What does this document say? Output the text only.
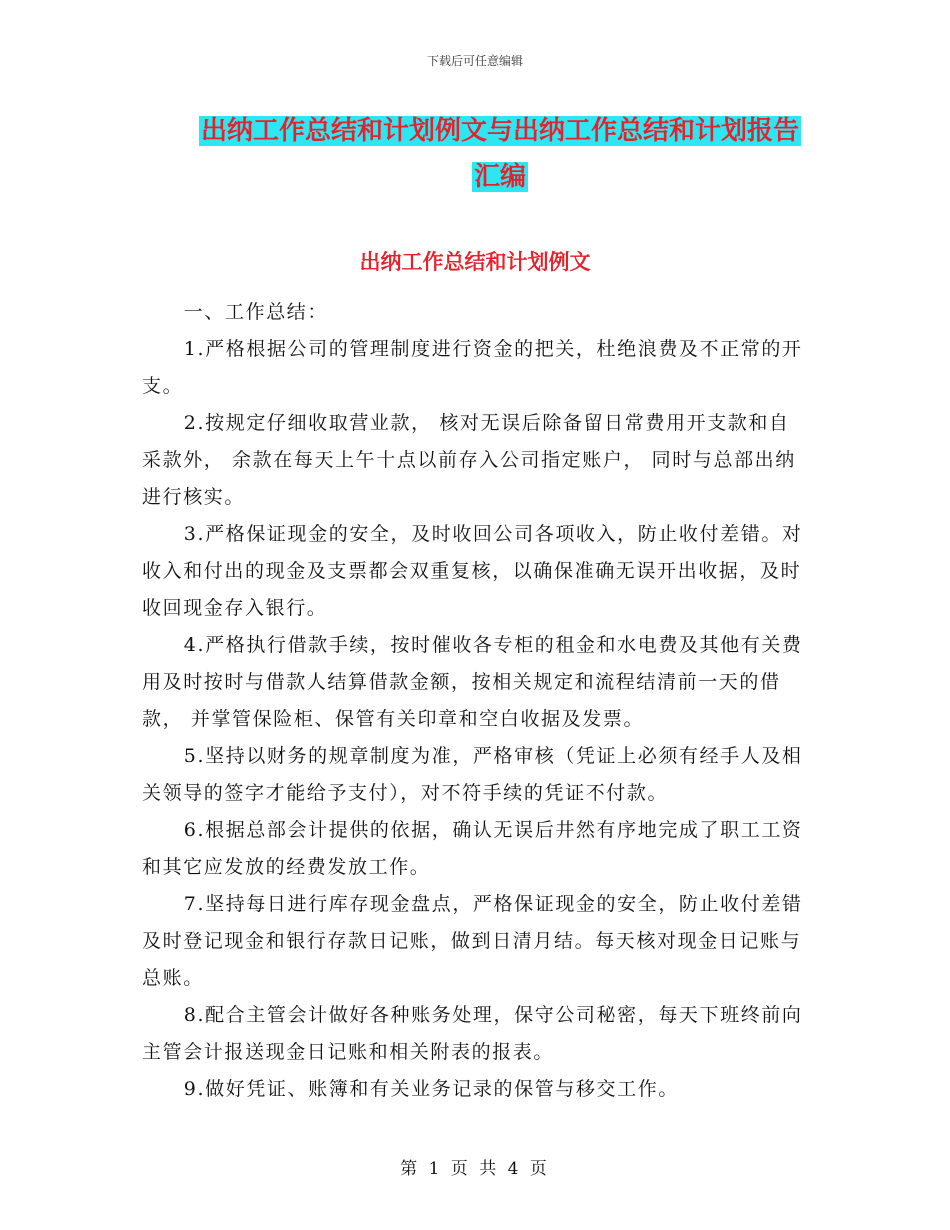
下载后可任意编辑
出纳工作总结和计划例文与出纳工作总结和计划报告
汇编
出纳工作总结和计划例文

一、工作总结：

1.严格根据公司的管理制度进行资金的把关，杜绝浪费及不正常的开支。

2.按规定仔细收取营业款， 核对无误后除备留日常费用开支款和自采款外， 余款在每天上午十点以前存入公司指定账户， 同时与总部出纳进行核实。

3.严格保证现金的安全，及时收回公司各项收入，防止收付差错。对收入和付出的现金及支票都会双重复核，以确保准确无误开出收据，及时收回现金存入银行。

4.严格执行借款手续，按时催收各专柜的租金和水电费及其他有关费用及时按时与借款人结算借款金额，按相关规定和流程结清前一天的借款， 并掌管保险柜、保管有关印章和空白收据及发票。

5.坚持以财务的规章制度为准，严格审核（凭证上必须有经手人及相关领导的签字才能给予支付），对不符手续的凭证不付款。

6.根据总部会计提供的依据，确认无误后井然有序地完成了职工工资和其它应发放的经费发放工作。

7.坚持每日进行库存现金盘点，严格保证现金的安全，防止收付差错及时登记现金和银行存款日记账，做到日清月结。每天核对现金日记账与总账。

8.配合主管会计做好各种账务处理，保守公司秘密，每天下班终前向主管会计报送现金日记账和相关附表的报表。

9.做好凭证、账簿和有关业务记录的保管与移交工作。

第 1 页 共 4 页
